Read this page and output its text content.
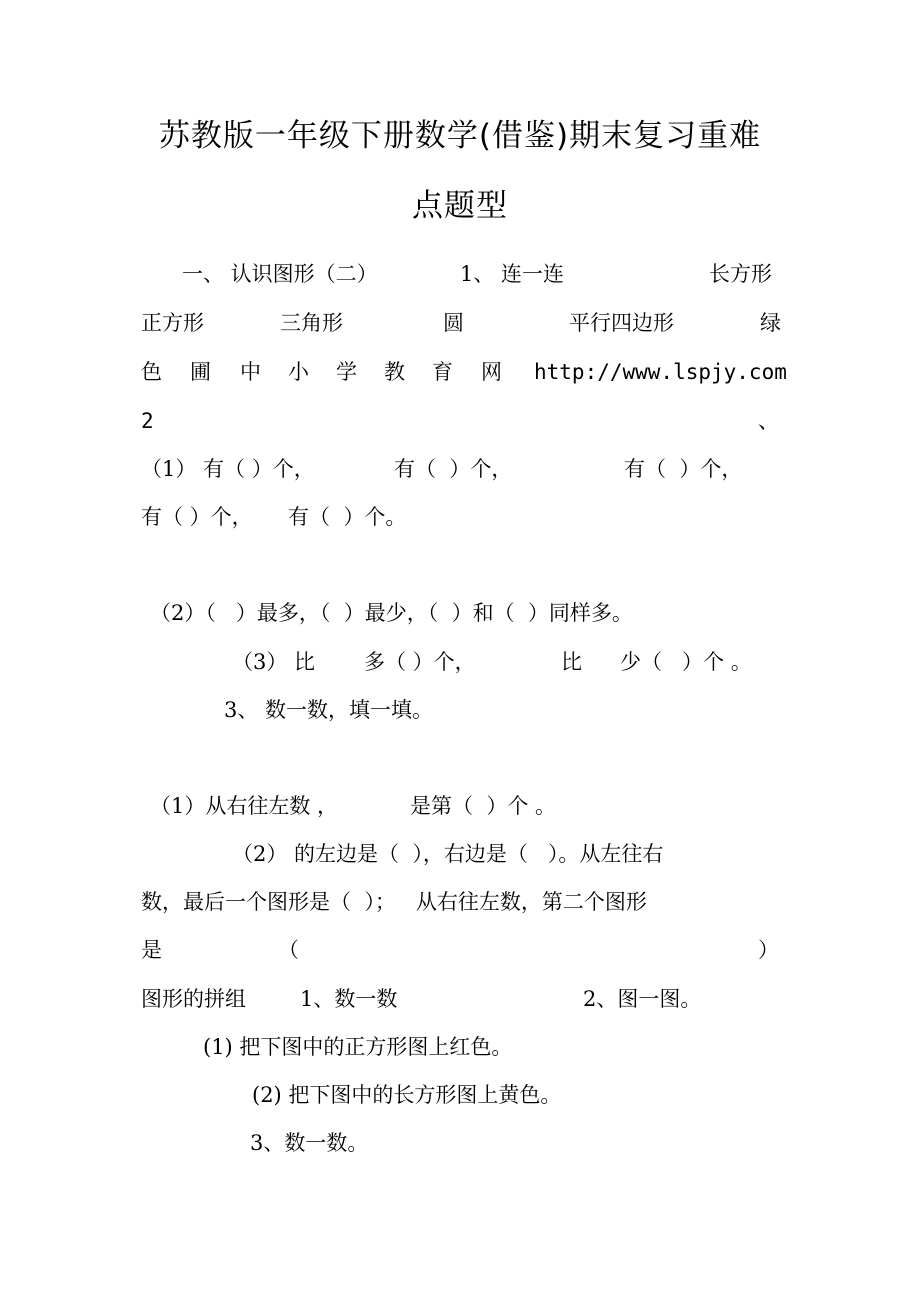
苏教版一年级下册数学(借鉴)期末复习重难
点题型
一、 认识图形（二）	1、 连一连	长方形
正方形	三角形	圆	平行四边形	绿
色 圃 中 小 学 教 育 网 http://www.lspjy.com
2	、
（1） 有（ ）个，	有（  ）个，	有（  ）个，
有（ ）个， 有（  ）个。
（2）（   ）最多，（  ）最少，（  ）和（  ）同样多。
（3） 比 多（ ）个，	比 少（   ）个 。
3、 数一数，填一填。
（1）从右往左数 ，	是第（  ）个 。
（2） 的左边是（  ），右边是（   ）。从左往右
数，最后一个图形是（  ）；   从右往左数，第二个图形
是	（	）
图形的拼组	1、数一数	2、图一图。
(1) 把下图中的正方形图上红色。
(2) 把下图中的长方形图上黄色。
3、数一数。
